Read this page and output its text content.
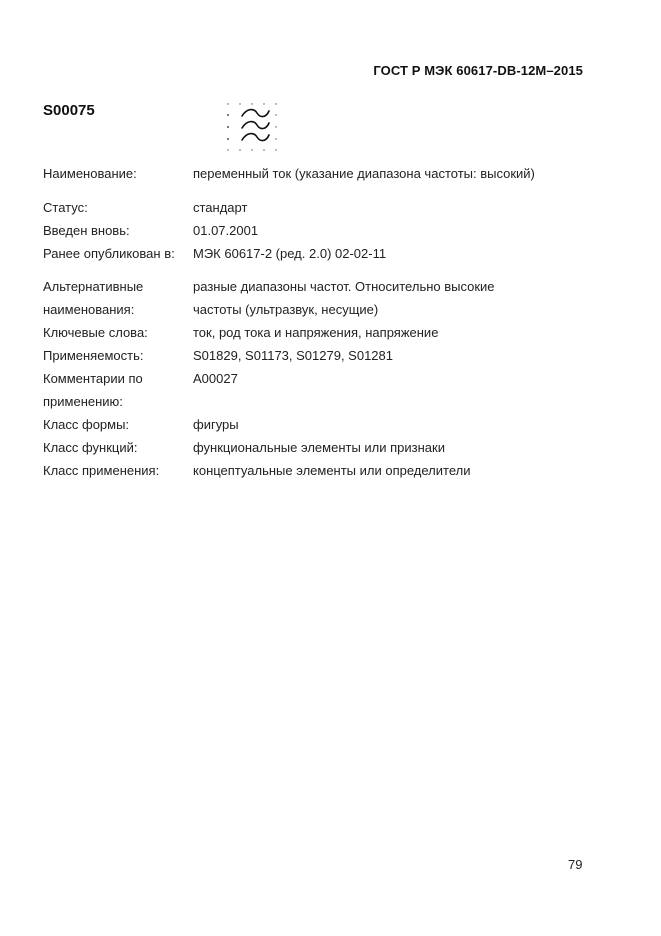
ГОСТ Р МЭК 60617-DB-12M–2015
S00075
Наименование:	переменный ток (указание диапазона частоты: высокий)
Статус:	стандарт
Введен вновь:	01.07.2001
Ранее опубликован в:	МЭК 60617-2 (ред. 2.0) 02-02-11
Альтернативные	разные диапазоны частот. Относительно высокие
наименования:	частоты (ультразвук, несущие)
Ключевые слова:	ток, род тока и напряжения, напряжение
Применяемость:	S01829, S01173, S01279, S01281
Комментарии по	A00027
применению:
Класс формы:	фигуры
Класс функций:	функциональные элементы или признаки
Класс применения:	концептуальные элементы или определители
79
